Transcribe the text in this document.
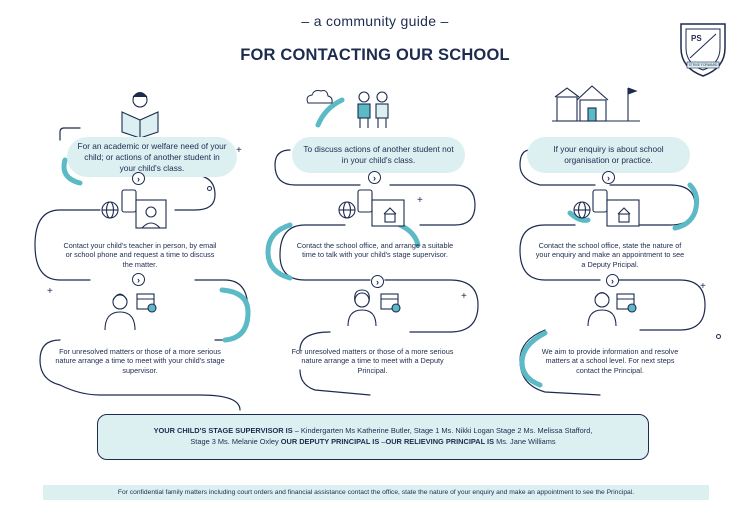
– a community guide –
FOR CONTACTING OUR SCHOOL
PS
STRIVE FORWARD
+
+
+
+
+
For an academic or welfare need of your child; or actions of another student in your child's class.
›
Contact your child's teacher in person, by email or school phone and request a time to discuss the matter.
›
For unresolved matters or those of a more serious nature arrange a time to meet with your child's stage supervisor.
To discuss actions of another student not in your child's class.
›
Contact the school office, and arrange a suitable time to talk with your child's stage supervisor.
›
For unresolved matters or those of a more serious nature arrange a time to meet with a Deputy Principal.
If your enquiry is about school organisation or practice.
›
Contact the school office, state the nature of your enquiry and make an appointment to see a Deputy Pricipal.
›
We aim to provide information and resolve matters at a school level. For next steps contact the Principal.
YOUR CHILD'S STAGE SUPERVISOR IS – Kindergarten Ms Katherine Butler, Stage 1 Ms. Nikki Logan Stage 2 Ms. Melissa Stafford,
Stage 3 Ms. Melanie Oxley OUR DEPUTY PRINCIPAL IS –OUR RELIEVING PRINCIPAL IS Ms. Jane Williams
For confidential family matters including court orders and financial assistance contact the office, state the nature of your enquiry and make an appointment to see the Principal.
